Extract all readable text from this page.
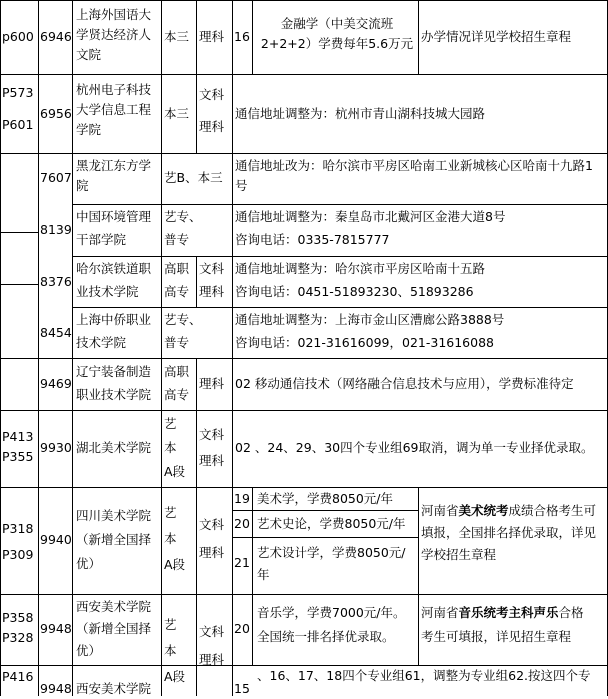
p600 6946
上海外国语大
学贤达经济人
文院
本三 理科 16
金融学（中美交流班
2+2+2）学费每年5.6万元 办学情况详见学校招生章程
P573
P601
6956
杭州电子科技
大学信息工程
学院
本三
文科
理科
通信地址调整为：杭州市青山湖科技城大园路
7607
黑龙江东方学
院
艺B、本三
通信地址改为：哈尔滨市平房区哈南工业新城核心区哈南十九路1
号
8139
中国环境管理
干部学院
艺专、
普专
通信地址调整为：秦皇岛市北戴河区金港大道8号
咨询电话：0335-7815777
8376
哈尔滨铁道职
业技术学院
高职
高专
文科
理科
通信地址调整为：哈尔滨市平房区哈南十五路
咨询电话：0451-51893230、51893286
8454
上海中侨职业
技术学院
艺专、
普专
通信地址调整为：上海市金山区漕廊公路3888号
咨询电话：021-31616099，021-31616088
9469
辽宁装备制造
职业技术学院
高职
高专
理科 02 移动通信技术（网络融合信息技术与应用），学费标准待定
P413
P355
9930 湖北美术学院
艺
本
A段
文科
理科
02 、24、29、30四个专业组69取消，调为单一专业择优录取。
P318
P309
9940
四川美术学院
（新增全国择
优）
艺
本
A段
文科
理科
19 美术学，学费8050元/年
20 艺术史论，学费8050元/年
21
艺术设计学，学费8050元/
年
河南省美术统考成绩合格考生可
填报，全国排名择优录取，详见
学校招生章程
P358
P328
9948
西安美术学院
（新增全国择
优）
艺
本
A段
文科
理科
20
音乐学，学费7000元/年。
全国统一排名择优录取。
河南省音乐统考主科声乐合格
考生可填报，详见招生章程
P416
9948 西安美术学院	15
、16、17、18四个专业组61，调整为专业组62.按这四个专
